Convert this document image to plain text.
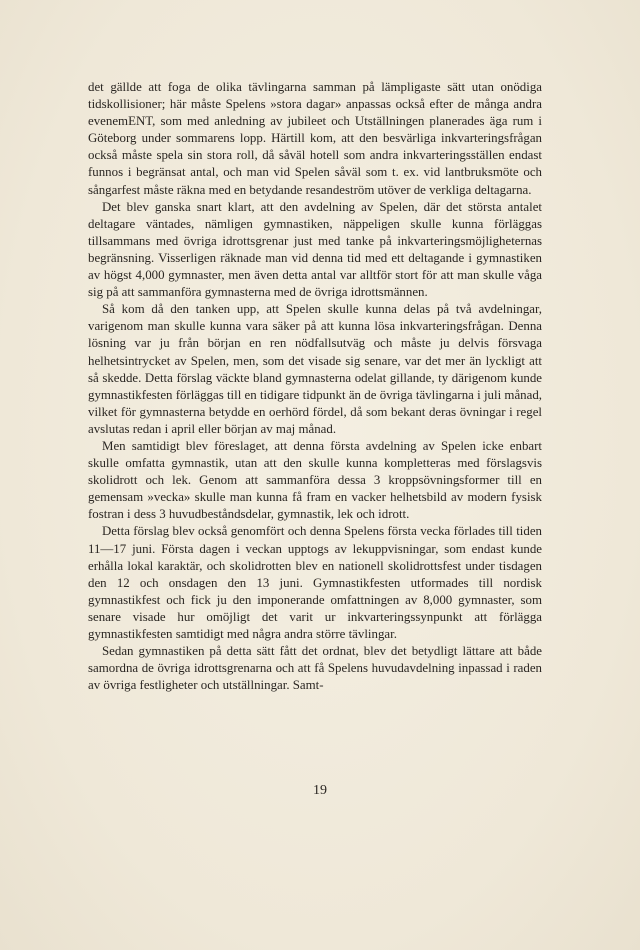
det gällde att foga de olika tävlingarna samman på lämpligaste sätt utan onödiga tidskollisioner; här måste Spelens »stora dagar» anpassas också efter de många andra evenemENT, som med anledning av jubileet och Utställningen planerades äga rum i Göteborg under sommarens lopp. Härtill kom, att den besvärliga inkvarteringsfrågan också måste spela sin stora roll, då såväl hotell som andra inkvarteringsställen endast funnos i begränsat antal, och man vid Spelen såväl som t. ex. vid lantbruksmöte och sångarfest måste räkna med en betydande resandeström utöver de verkliga deltagarna.

Det blev ganska snart klart, att den avdelning av Spelen, där det största antalet deltagare väntades, nämligen gymnastiken, näppeligen skulle kunna förläggas tillsammans med övriga idrottsgrenar just med tanke på inkvarteringsmöjligheternas begränsning. Visserligen räknade man vid denna tid med ett deltagande i gymnastiken av högst 4,000 gymnaster, men även detta antal var alltför stort för att man skulle våga sig på att sammanföra gymnasterna med de övriga idrottsmännen.

Så kom då den tanken upp, att Spelen skulle kunna delas på två avdelningar, varigenom man skulle kunna vara säker på att kunna lösa inkvarteringsfrågan. Denna lösning var ju från början en ren nödfallsutväg och måste ju delvis försvaga helhetsintrycket av Spelen, men, som det visade sig senare, var det mer än lyckligt att så skedde. Detta förslag väckte bland gymnasterna odelat gillande, ty därigenom kunde gymnastikfesten förläggas till en tidigare tidpunkt än de övriga tävlingarna i juli månad, vilket för gymnasterna betydde en oerhörd fördel, då som bekant deras övningar i regel avslutas redan i april eller början av maj månad.

Men samtidigt blev föreslaget, att denna första avdelning av Spelen icke enbart skulle omfatta gymnastik, utan att den skulle kunna kompletteras med förslagsvis skolidrott och lek. Genom att sammanföra dessa 3 kroppsövningsformer till en gemensam »vecka» skulle man kunna få fram en vacker helhetsbild av modern fysisk fostran i dess 3 huvudbeståndsdelar, gymnastik, lek och idrott.

Detta förslag blev också genomfört och denna Spelens första vecka förlades till tiden 11—17 juni. Första dagen i veckan upptogs av lekuppvisningar, som endast kunde erhålla lokal karaktär, och skolidrotten blev en nationell skolidrottsfest under tisdagen den 12 och onsdagen den 13 juni. Gymnastikfesten utformades till nordisk gymnastikfest och fick ju den imponerande omfattningen av 8,000 gymnaster, som senare visade hur omöjligt det varit ur inkvarteringssynpunkt att förlägga gymnastikfesten samtidigt med några andra större tävlingar.

Sedan gymnastiken på detta sätt fått det ordnat, blev det betydligt lättare att både samordna de övriga idrottsgrenarna och att få Spelens huvudavdelning inpassad i raden av övriga festligheter och utställningar. Samt-

19
